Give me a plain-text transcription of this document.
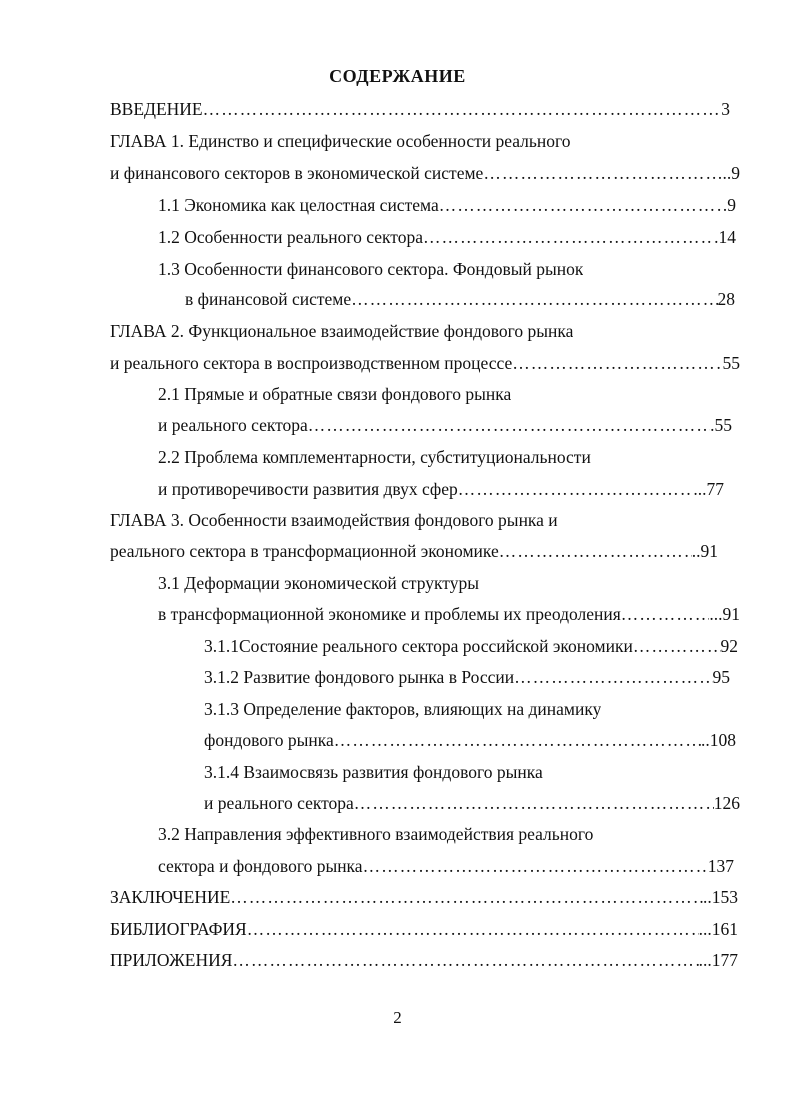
СОДЕРЖАНИЕ
ВВЕДЕНИЕ ……………………………………………………………………………………………………………………………………………………………………………………………	3
ГЛАВА 1. Единство и специфические особенности реального
и финансового секторов в экономической системе ……………………………………………………………………………………………………………………………………………………………………………………………	..9
1.1 Экономика как целостная система ……………………………………………………………………………………………………………………………………………………………………………………………	9
1.2 Особенности реального сектора ……………………………………………………………………………………………………………………………………………………………………………………………	.14
1.3 Особенности финансового сектора. Фондовый рынок
в финансовой системе ……………………………………………………………………………………………………………………………………………………………………………………………	28
ГЛАВА 2. Функциональное взаимодействие фондового рынка
и реального сектора в воспроизводственном процессе ……………………………………………………………………………………………………………………………………………………………………………………………	55
2.1 Прямые и обратные связи фондового рынка
и реального сектора ……………………………………………………………………………………………………………………………………………………………………………………………	.55
2.2 Проблема комплементарности, субституциональности
и противоречивости развития двух сфер ……………………………………………………………………………………………………………………………………………………………………………………………	...77
ГЛАВА 3. Особенности взаимодействия фондового рынка и
реального сектора в трансформационной экономике ……………………………………………………………………………………………………………………………………………………………………………………………	..91
3.1 Деформации экономической структуры
в трансформационной экономике и проблемы их преодоления ……………………………………………………………………………………………………………………………………………………………………………………………	...91
3.1.1Состояние реального сектора российской экономики ……………………………………………………………………………………………………………………………………………………………………………………………	92
3.1.2 Развитие фондового рынка в России ……………………………………………………………………………………………………………………………………………………………………………………………	95
3.1.3 Определение факторов, влияющих на динамику
фондового рынка ……………………………………………………………………………………………………………………………………………………………………………………………	..108
3.1.4 Взаимосвязь развития фондового рынка
и реального сектора ……………………………………………………………………………………………………………………………………………………………………………………………	126
3.2 Направления эффективного взаимодействия реального
сектора и фондового рынка ……………………………………………………………………………………………………………………………………………………………………………………………	137
ЗАКЛЮЧЕНИЕ ……………………………………………………………………………………………………………………………………………………………………………………………	..153
БИБЛИОГРАФИЯ ……………………………………………………………………………………………………………………………………………………………………………………………	...161
ПРИЛОЖЕНИЯ ……………………………………………………………………………………………………………………………………………………………………………………………	...177
2
